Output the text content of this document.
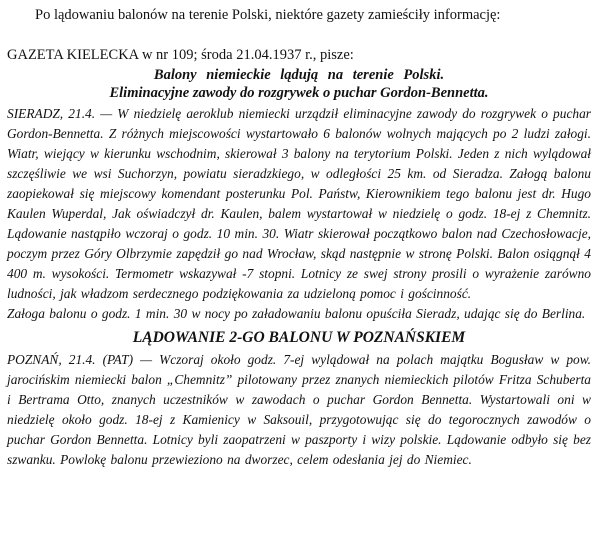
Po lądowaniu balonów na terenie Polski, niektóre gazety zamieściły informację:

GAZETA KIELECKA w nr 109; środa 21.04.1937 r., pisze:

Balony niemieckie lądują na terenie Polski.

Eliminacyjne zawody do rozgrywek o puchar Gordon-Bennetta.

SIERADZ, 21.4. — W niedzielę aeroklub niemiecki urządził eliminacyjne zawody do rozgrywek o puchar Gordon-Bennetta. Z różnych miejscowości wystartowało 6 balonów wolnych mających po 2 ludzi załogi. Wiatr, wiejący w kierunku wschodnim, skierował 3 balony na terytorium Polski. Jeden z nich wylądował szczęśliwie we wsi Suchorzyn, powiatu sieradzkiego, w odległości 25 km. od Sieradza. Załogą balonu zaopiekował się miejscowy komendant posterunku Pol. Państw, Kierownikiem tego balonu jest dr. Hugo Kaulen Wuperdal, Jak oświadczył dr. Kaulen, balem wystartował w niedzielę o godz. 18-ej z Chemnitz. Lądowanie nastąpiło wczoraj o godz. 10 min. 30. Wiatr skierował początkowo balon nad Czechosłowacje, poczym przez Góry Olbrzymie zapędził go nad Wrocław, skąd następnie w stronę Polski. Balon osiągnął 4 400 m. wysokości. Termometr wskazywał -7 stopni. Lotnicy ze swej strony prosili o wyrażenie zarówno ludności, jak władzom serdecznego podziękowania za udzieloną pomoc i gościnność.

Załoga balonu o godz. 1 min. 30 w nocy po załadowaniu balonu opuściła Sieradz, udając się do Berlina.

LĄDOWANIE 2-GO BALONU W POZNAŃSKIEM

POZNAŃ, 21.4. (PAT) — Wczoraj około godz. 7-ej wylądował na polach majątku Bogusław w pow. jarocińskim niemiecki balon „Chemnitz” pilotowany przez znanych niemieckich pilotów Fritza Schuberta i Bertrama Otto, znanych uczestników w zawodach o puchar Gordon Bennetta. Wystartowali oni w niedzielę około godz. 18-ej z Kamienicy w Saksouil, przygotowując się do tegorocznych zawodów o puchar Gordon Bennetta. Lotnicy byli zaopatrzeni w paszporty i wizy polskie. Lądowanie odbyło się bez szwanku. Powlokę balonu przewieziono na dworzec, celem odesłania jej do Niemiec.
